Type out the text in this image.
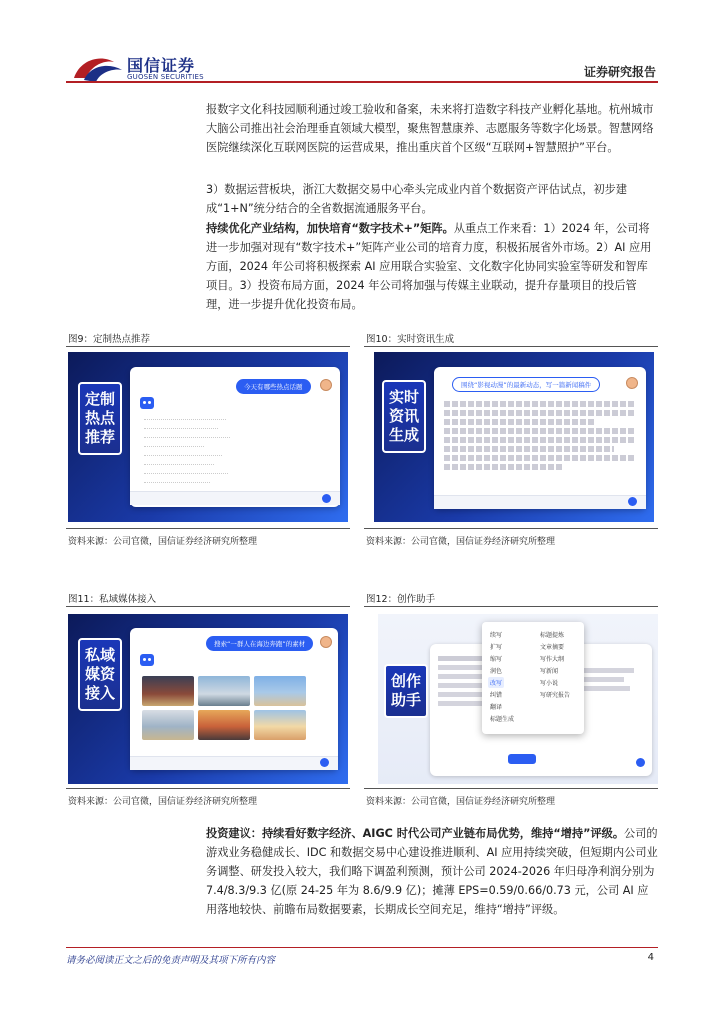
国信证券
GUOSEN SECURITIES	证券研究报告
报数字文化科技园顺利通过竣工验收和备案，未来将打造数字科技产业孵化基地。杭州城市大脑公司推出社会治理垂直领域大模型，聚焦智慧康养、志愿服务等数字化场景。智慧网络医院继续深化互联网医院的运营成果，推出重庆首个区级“互联网+智慧照护”平台。
3）数据运营板块，浙江大数据交易中心牵头完成业内首个数据资产评估试点，初步建成“1+N”统分结合的全省数据流通服务平台。
持续优化产业结构，加快培育“数字技术+”矩阵。从重点工作来看：1）2024 年，公司将进一步加强对现有“数字技术+”矩阵产业公司的培育力度，积极拓展省外市场。2）AI 应用方面，2024 年公司将积极探索 AI 应用联合实验室、文化数字化协同实验室等研发和智库项目。3）投资布局方面，2024 年公司将加强与传媒主业联动，提升存量项目的投后管理，进一步提升优化投资布局。
图9：定制热点推荐
定制热点推荐
今天有哪些热点话题
资料来源：公司官微，国信证券经济研究所整理
图10：实时资讯生成
实时资讯生成
围绕“影视动漫”的最新动态，写一篇新闻稿件
资料来源：公司官微，国信证券经济研究所整理
图11：私域媒体接入
私域媒资接入
搜索“一群人在海边奔跑”的素材
资料来源：公司官微，国信证券经济研究所整理
图12：创作助手
创作助手
续写
扩写
缩写
润色
改写
纠错
翻译
标题生成
标题提炼
文章摘要
写作大纲
写新闻
写小说
写研究报告
资料来源：公司官微，国信证券经济研究所整理
投资建议：持续看好数字经济、AIGC 时代公司产业链布局优势，维持“增持”评级。公司的游戏业务稳健成长、IDC 和数据交易中心建设推进顺利、AI 应用持续突破，但短期内公司业务调整、研发投入较大，我们略下调盈利预测，预计公司 2024-2026 年归母净利润分别为 7.4/8.3/9.3 亿(原 24-25 年为 8.6/9.9 亿)；摊薄 EPS=0.59/0.66/0.73 元，公司 AI 应用落地较快、前瞻布局数据要素，长期成长空间充足，维持“增持”评级。
请务必阅读正文之后的免责声明及其项下所有内容	4
